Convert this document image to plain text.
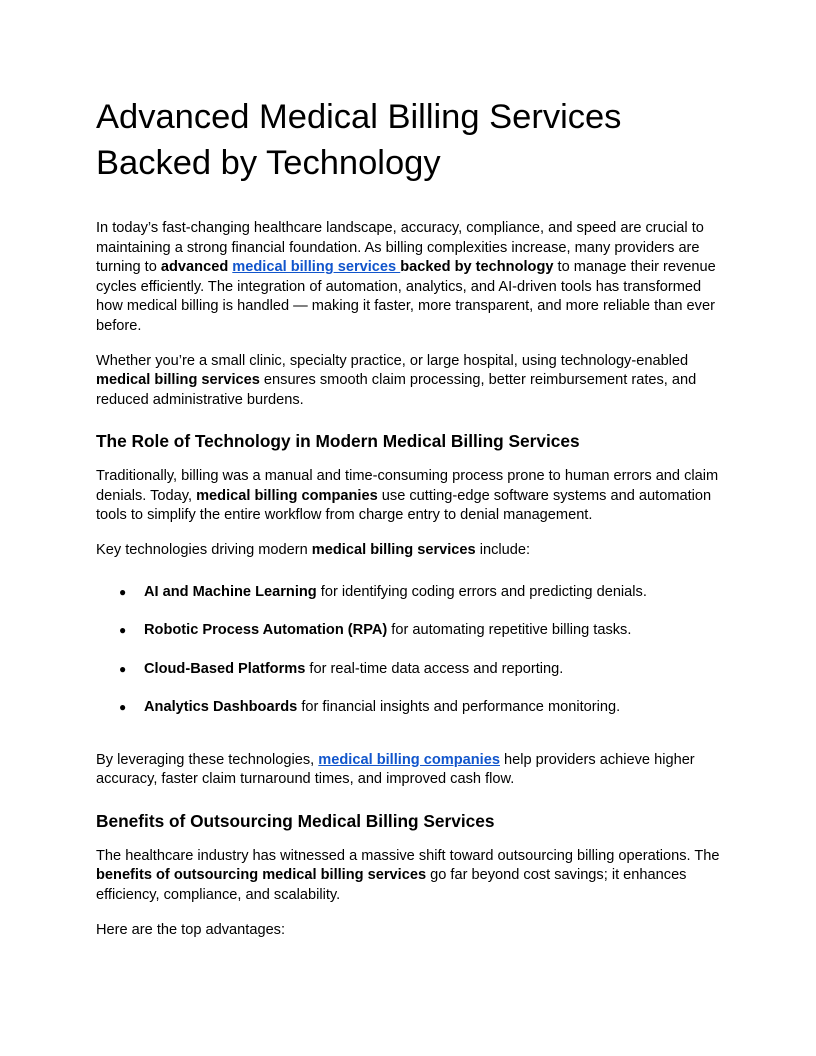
Advanced Medical Billing Services Backed by Technology

In today’s fast-changing healthcare landscape, accuracy, compliance, and speed are crucial to maintaining a strong financial foundation. As billing complexities increase, many providers are turning to advanced medical billing services backed by technology to manage their revenue cycles efficiently. The integration of automation, analytics, and AI-driven tools has transformed how medical billing is handled — making it faster, more transparent, and more reliable than ever before.

Whether you’re a small clinic, specialty practice, or large hospital, using technology-enabled medical billing services ensures smooth claim processing, better reimbursement rates, and reduced administrative burdens.

The Role of Technology in Modern Medical Billing Services

Traditionally, billing was a manual and time-consuming process prone to human errors and claim denials. Today, medical billing companies use cutting-edge software systems and automation tools to simplify the entire workflow from charge entry to denial management.

Key technologies driving modern medical billing services include:

● AI and Machine Learning for identifying coding errors and predicting denials.
● Robotic Process Automation (RPA) for automating repetitive billing tasks.
● Cloud-Based Platforms for real-time data access and reporting.
● Analytics Dashboards for financial insights and performance monitoring.

By leveraging these technologies, medical billing companies help providers achieve higher accuracy, faster claim turnaround times, and improved cash flow.

Benefits of Outsourcing Medical Billing Services

The healthcare industry has witnessed a massive shift toward outsourcing billing operations. The benefits of outsourcing medical billing services go far beyond cost savings; it enhances efficiency, compliance, and scalability.

Here are the top advantages:
